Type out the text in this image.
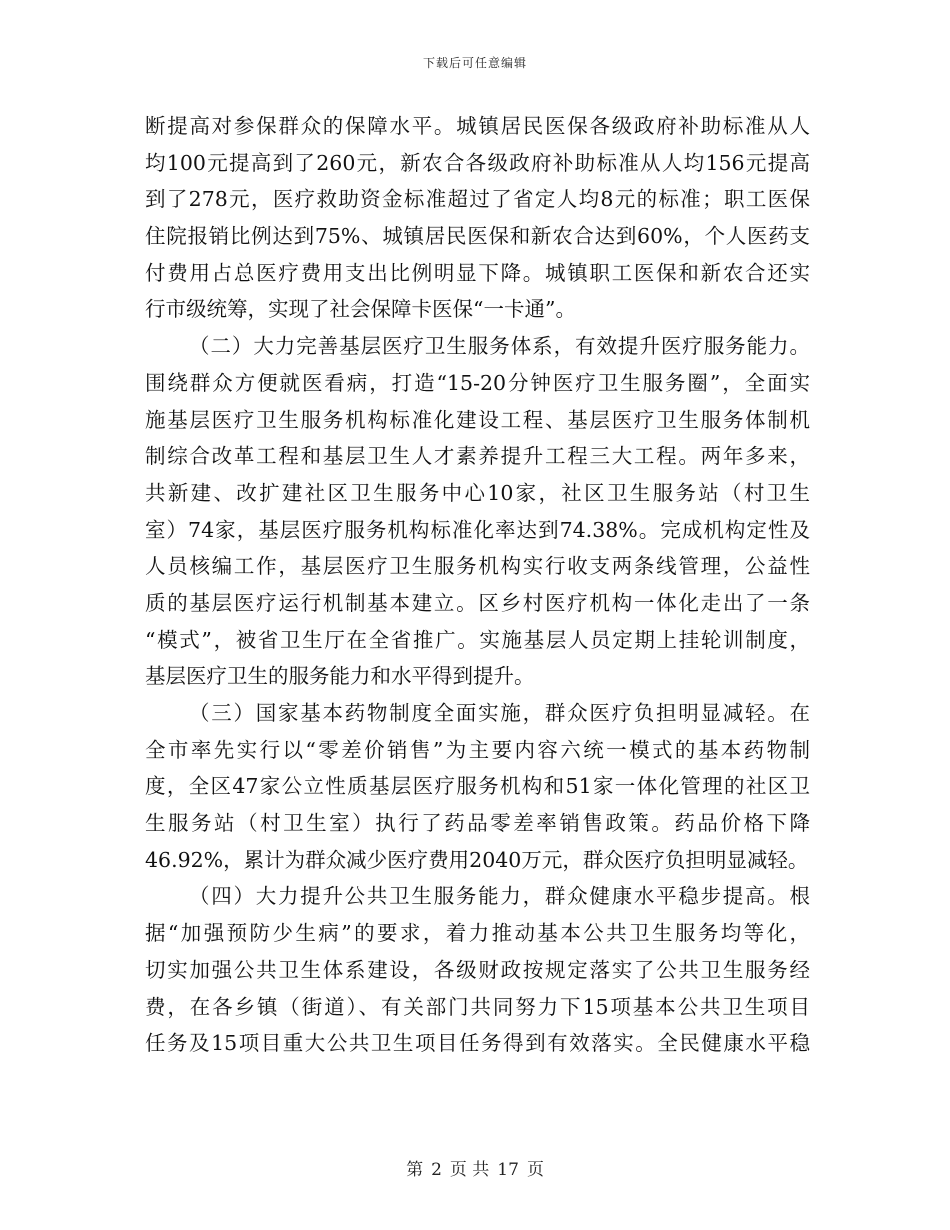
下载后可任意编辑
断提高对参保群众的保障水平。城镇居民医保各级政府补助标准从人
均100元提高到了260元，新农合各级政府补助标准从人均156元提高
到了278元，医疗救助资金标准超过了省定人均8元的标准；职工医保
住院报销比例达到75%、城镇居民医保和新农合达到60%，个人医药支
付费用占总医疗费用支出比例明显下降。城镇职工医保和新农合还实
行市级统筹，实现了社会保障卡医保“一卡通”。
（二）大力完善基层医疗卫生服务体系，有效提升医疗服务能力。
围绕群众方便就医看病，打造“15-20分钟医疗卫生服务圈”，全面实
施基层医疗卫生服务机构标准化建设工程、基层医疗卫生服务体制机
制综合改革工程和基层卫生人才素养提升工程三大工程。两年多来，
共新建、改扩建社区卫生服务中心10家，社区卫生服务站（村卫生
室）74家，基层医疗服务机构标准化率达到74.38%。完成机构定性及
人员核编工作，基层医疗卫生服务机构实行收支两条线管理，公益性
质的基层医疗运行机制基本建立。区乡村医疗机构一体化走出了一条
“模式”，被省卫生厅在全省推广。实施基层人员定期上挂轮训制度，
基层医疗卫生的服务能力和水平得到提升。
（三）国家基本药物制度全面实施，群众医疗负担明显减轻。在
全市率先实行以“零差价销售”为主要内容六统一模式的基本药物制
度，全区47家公立性质基层医疗服务机构和51家一体化管理的社区卫
生服务站（村卫生室）执行了药品零差率销售政策。药品价格下降
46.92%，累计为群众减少医疗费用2040万元，群众医疗负担明显减轻。
（四）大力提升公共卫生服务能力，群众健康水平稳步提高。根
据“加强预防少生病”的要求，着力推动基本公共卫生服务均等化，
切实加强公共卫生体系建设，各级财政按规定落实了公共卫生服务经
费，在各乡镇（街道）、有关部门共同努力下15项基本公共卫生项目
任务及15项目重大公共卫生项目任务得到有效落实。全民健康水平稳
第 2 页 共 17 页
